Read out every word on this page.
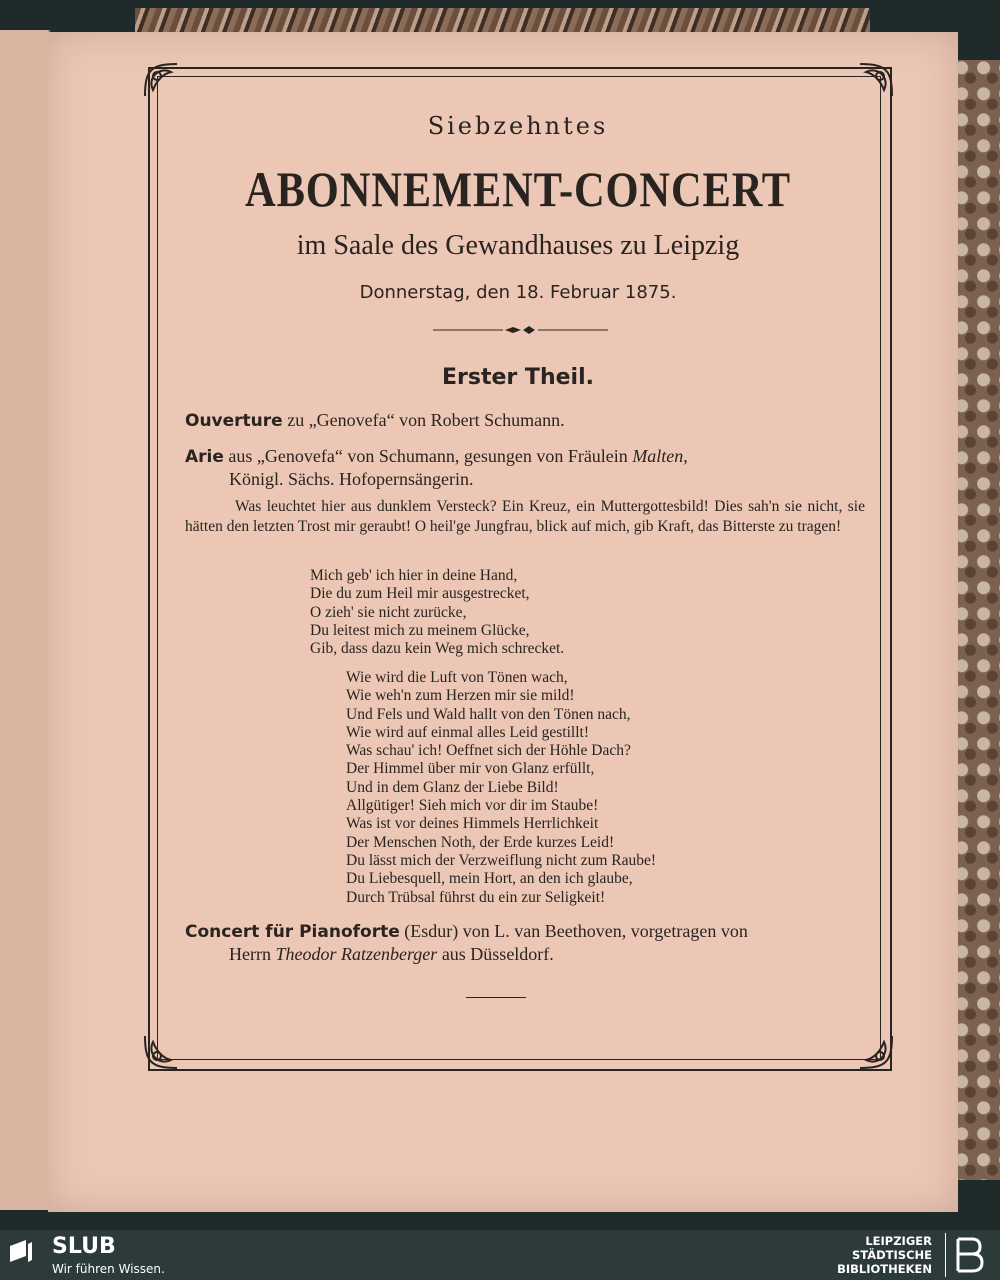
Siebzehntes
ABONNEMENT-CONCERT
im Saale des Gewandhauses zu Leipzig
Donnerstag, den 18. Februar 1875.
Erster Theil.
Ouverture zu „Genovefa“ von Robert Schumann.
Arie aus „Genovefa“ von Schumann, gesungen von Fräulein Malten,
Königl. Sächs. Hofopernsängerin.
Was leuchtet hier aus dunklem Versteck? Ein Kreuz, ein Muttergottesbild! Dies sah'n sie nicht, sie hätten den letzten Trost mir geraubt! O heil'ge Jungfrau, blick auf mich, gib Kraft, das Bitterste zu tragen!
Mich geb' ich hier in deine Hand,
Die du zum Heil mir ausgestrecket,
O zieh' sie nicht zurücke,
Du leitest mich zu meinem Glücke,
Gib, dass dazu kein Weg mich schrecket.
Wie wird die Luft von Tönen wach,
Wie weh'n zum Herzen mir sie mild!
Und Fels und Wald hallt von den Tönen nach,
Wie wird auf einmal alles Leid gestillt!
Was schau' ich! Oeffnet sich der Höhle Dach?
Der Himmel über mir von Glanz erfüllt,
Und in dem Glanz der Liebe Bild!
Allgütiger! Sieh mich vor dir im Staube!
Was ist vor deines Himmels Herrlichkeit
Der Menschen Noth, der Erde kurzes Leid!
Du lässt mich der Verzweiflung nicht zum Raube!
Du Liebesquell, mein Hort, an den ich glaube,
Durch Trübsal führst du ein zur Seligkeit!
Concert für Pianoforte (Esdur) von L. van Beethoven, vorgetragen von
Herrn Theodor Ratzenberger aus Düsseldorf.
SLUB
Wir führen Wissen.
LEIPZIGER
STÄDTISCHE
BIBLIOTHEKEN
